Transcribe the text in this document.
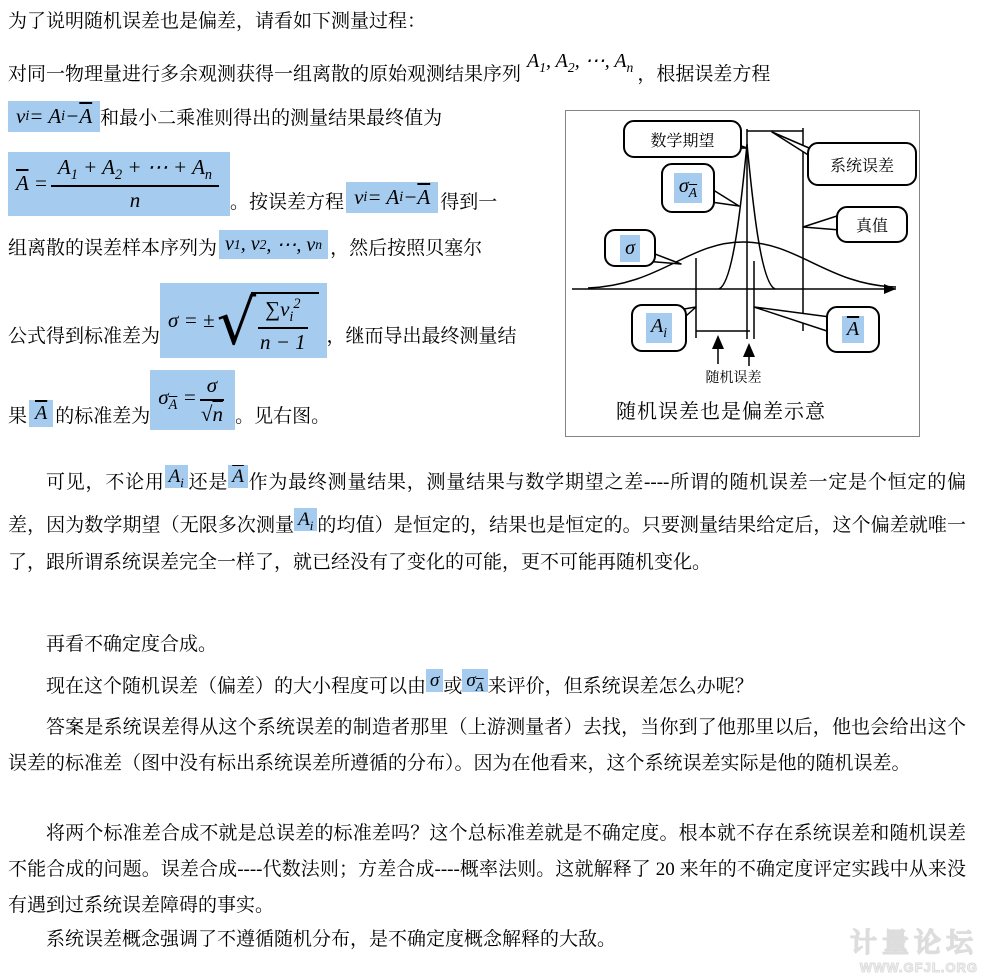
为了说明随机误差也是偏差，请看如下测量过程：
对同一物理量进行多余观测获得一组离散的原始观测结果序列
$A_1$, $A_2$, ⋯, $A_n$ ，根据误差方程
v i = A $i - \overline{A}$ 和最小二乘准则得出的测量结果最终值为
$\overline{A} = \frac{A_1 + A_2 + \cdots + A_n}{n}$ 。按误差方程 v i = A $i - \overline{A}$ 得到一
组离散的误差样本序列为 v 1 , v 2 , ⋯, v n ，然后按照贝塞尔
公式得到标准差为
σ = ± √ $\frac{\sum v_i^2}{n - 1}$ ，继而导出最终测量结
果 $\overline{A}$ 的标准差为
$\sigma_{\overline{A}} = \frac{\sigma}{√n}$ 。见右图。
数学期望
$\sigma_{\overline{A}}$
σ
系统误差
真值
$A_i$	$\overline{A}$
随机误差
随机误差也是偏差示意
可见，不论用 $A_i$ 还是 $\overline{A}$ 作为最终测量结果，测量结果与数学期望之差----所谓的随机误差一定是个恒定的偏差，因为数学期望（无限多次测量 $A_i$ 的均值）是恒定的，结果也是恒定的。只要测量结果给定后，这个偏差就唯一了，跟所谓系统误差完全一样了，就已经没有了变化的可能，更不可能再随机变化。
再看不确定度合成。
现在这个随机误差（偏差）的大小程度可以由 σ 或 $\sigma_{\overline{A}}$ 来评价，但系统误差怎么办呢？
答案是系统误差得从这个系统误差的制造者那里（上游测量者）去找，当你到了他那里以后，他也会给出这个误差的标准差（图中没有标出系统误差所遵循的分布）。因为在他看来，这个系统误差实际是他的随机误差。
将两个标准差合成不就是总误差的标准差吗？这个总标准差就是不确定度。根本就不存在系统误差和随机误差不能合成的问题。误差合成----代数法则；方差合成----概率法则。这就解释了 20 来年的不确定度评定实践中从来没有遇到过系统误差障碍的事实。
系统误差概念强调了不遵循随机分布，是不确定度概念解释的大敌。	计量论坛
WWW.GFJL.ORG
